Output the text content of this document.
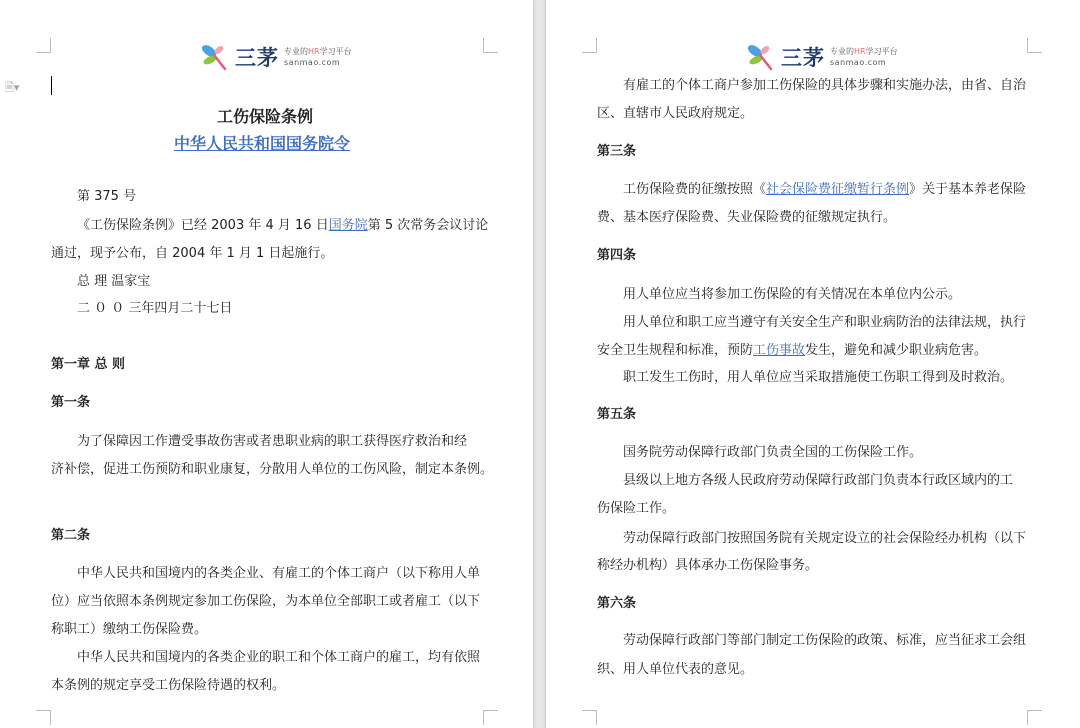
三茅 专业的HR学习平台
sanmao.com
🗎▾
工伤保险条例
中华人民共和国国务院令
第 375 号
《工伤保险条例》已经 2003 年 4 月 16 日国务院第 5 次常务会议讨论
通过，现予公布，自 2004 年 1 月 1 日起施行。
总 理 温家宝
二 ０ ０ 三年四月二十七日
第一章 总 则
第一条
为了保障因工作遭受事故伤害或者患职业病的职工获得医疗救治和经
济补偿，促进工伤预防和职业康复，分散用人单位的工伤风险，制定本条例。
第二条
中华人民共和国境内的各类企业、有雇工的个体工商户（以下称用人单
位）应当依照本条例规定参加工伤保险，为本单位全部职工或者雇工（以下
称职工）缴纳工伤保险费。
中华人民共和国境内的各类企业的职工和个体工商户的雇工，均有依照
本条例的规定享受工伤保险待遇的权利。
三茅 专业的HR学习平台
sanmao.com
有雇工的个体工商户参加工伤保险的具体步骤和实施办法，由省、自治
区、直辖市人民政府规定。
第三条
工伤保险费的征缴按照《社会保险费征缴暂行条例》关于基本养老保险
费、基本医疗保险费、失业保险费的征缴规定执行。
第四条
用人单位应当将参加工伤保险的有关情况在本单位内公示。
用人单位和职工应当遵守有关安全生产和职业病防治的法律法规，执行
安全卫生规程和标准，预防工伤事故发生，避免和减少职业病危害。
职工发生工伤时，用人单位应当采取措施使工伤职工得到及时救治。
第五条
国务院劳动保障行政部门负责全国的工伤保险工作。
县级以上地方各级人民政府劳动保障行政部门负责本行政区域内的工
伤保险工作。
劳动保障行政部门按照国务院有关规定设立的社会保险经办机构（以下
称经办机构）具体承办工伤保险事务。
第六条
劳动保障行政部门等部门制定工伤保险的政策、标准，应当征求工会组
织、用人单位代表的意见。
